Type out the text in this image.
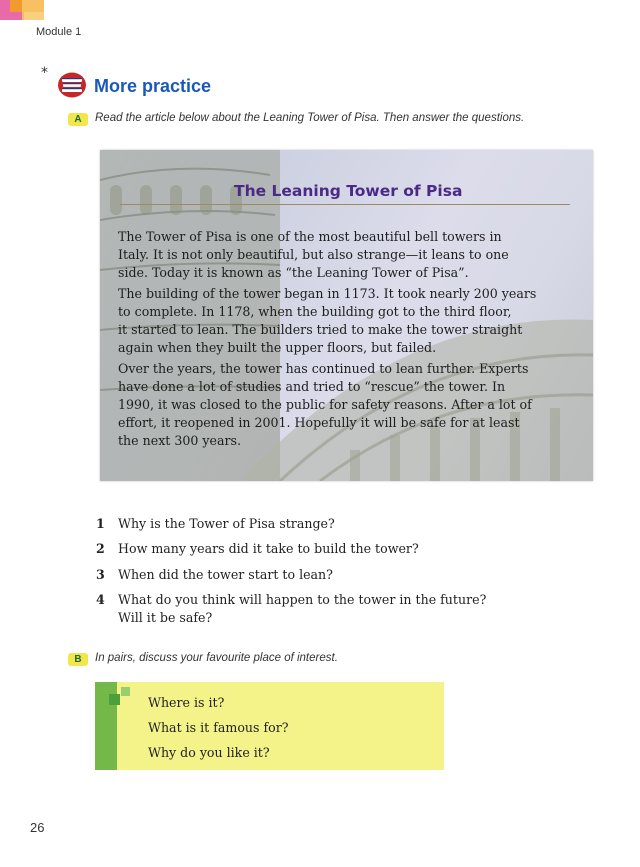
Module 1
*
More practice
A	Read the article below about the Leaning Tower of Pisa. Then answer the questions.
The Leaning Tower of Pisa

The Tower of Pisa is one of the most beautiful bell towers in
Italy. It is not only beautiful, but also strange—it leans to one
side. Today it is known as “the Leaning Tower of Pisa”.

The building of the tower began in 1173. It took nearly 200 years
to complete. In 1178, when the building got to the third floor,
it started to lean. The builders tried to make the tower straight
again when they built the upper floors, but failed.

Over the years, the tower has continued to lean further. Experts
have done a lot of studies and tried to “rescue” the tower. In
1990, it was closed to the public for safety reasons. After a lot of
effort, it reopened in 2001. Hopefully it will be safe for at least
the next 300 years.

1 Why is the Tower of Pisa strange?
2 How many years did it take to build the tower?
3 When did the tower start to lean?
4 What do you think will happen to the tower in the future?
Will it be safe?
B	In pairs, discuss your favourite place of interest.
Where is it?
What is it famous for?
Why do you like it?
26
